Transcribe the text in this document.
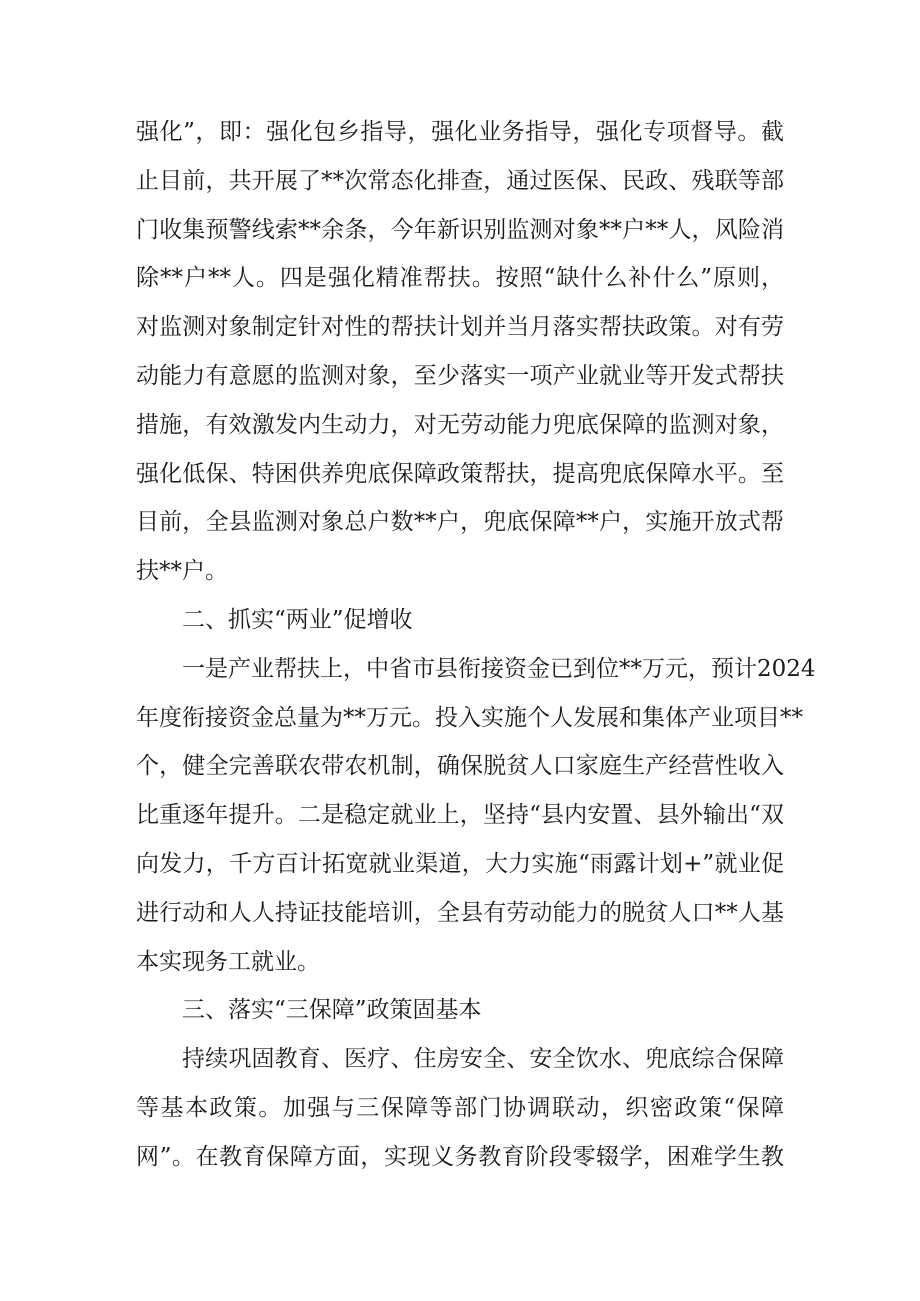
强化”，即：强化包乡指导，强化业务指导，强化专项督导。截
止目前，共开展了**次常态化排查，通过医保、民政、残联等部
门收集预警线索**余条，今年新识别监测对象**户**人，风险消
除**户**人。四是强化精准帮扶。按照“缺什么补什么”原则，
对监测对象制定针对性的帮扶计划并当月落实帮扶政策。对有劳
动能力有意愿的监测对象，至少落实一项产业就业等开发式帮扶
措施，有效激发内生动力，对无劳动能力兜底保障的监测对象，
强化低保、特困供养兜底保障政策帮扶，提高兜底保障水平。至
目前，全县监测对象总户数**户，兜底保障**户，实施开放式帮
扶**户。
二、抓实“两业”促增收
一是产业帮扶上，中省市县衔接资金已到位**万元，预计2024
年度衔接资金总量为**万元。投入实施个人发展和集体产业项目**
个，健全完善联农带农机制，确保脱贫人口家庭生产经营性收入
比重逐年提升。二是稳定就业上，坚持“县内安置、县外输出“双
向发力，千方百计拓宽就业渠道，大力实施“雨露计划+”就业促
进行动和人人持证技能培训，全县有劳动能力的脱贫人口**人基
本实现务工就业。
三、落实“三保障”政策固基本
持续巩固教育、医疗、住房安全、安全饮水、兜底综合保障
等基本政策。加强与三保障等部门协调联动，织密政策“保障
网”。在教育保障方面，实现义务教育阶段零辍学，困难学生教
